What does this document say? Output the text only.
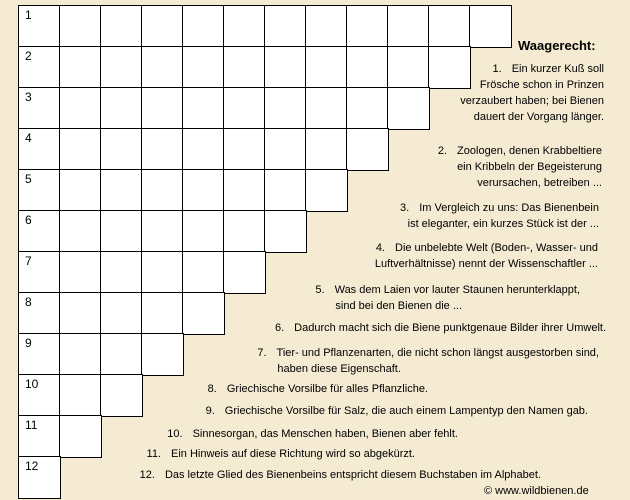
1
2
3
4
5
6
7
8
9
10
11
12
Waagerecht:
1. Ein kurzer Kuß soll
Frösche schon in Prinzen
verzaubert haben; bei Bienen
dauert der Vorgang länger.
2. Zoologen, denen Krabbeltiere
ein Kribbeln der Begeisterung
verursachen, betreiben ...
3. Im Vergleich zu uns: Das Bienenbein
ist eleganter, ein kurzes Stück ist der ...
4. Die unbelebte Welt (Boden-, Wasser- und
Luftverhältnisse) nennt der Wissenschaftler ...
5. Was dem Laien vor lauter Staunen herunterklappt,
sind bei den Bienen die ...
6. Dadurch macht sich die Biene punktgenaue Bilder ihrer Umwelt.
7. Tier- und Pflanzenarten, die nicht schon längst ausgestorben sind,
haben diese Eigenschaft.
8. Griechische Vorsilbe für alles Pflanzliche.
9. Griechische Vorsilbe für Salz, die auch einem Lampentyp den Namen gab.
10. Sinnesorgan, das Menschen haben, Bienen aber fehlt.
11. Ein Hinweis auf diese Richtung wird so abgekürzt.
12. Das letzte Glied des Bienenbeins entspricht diesem Buchstaben im Alphabet.
© www.wildbienen.de
